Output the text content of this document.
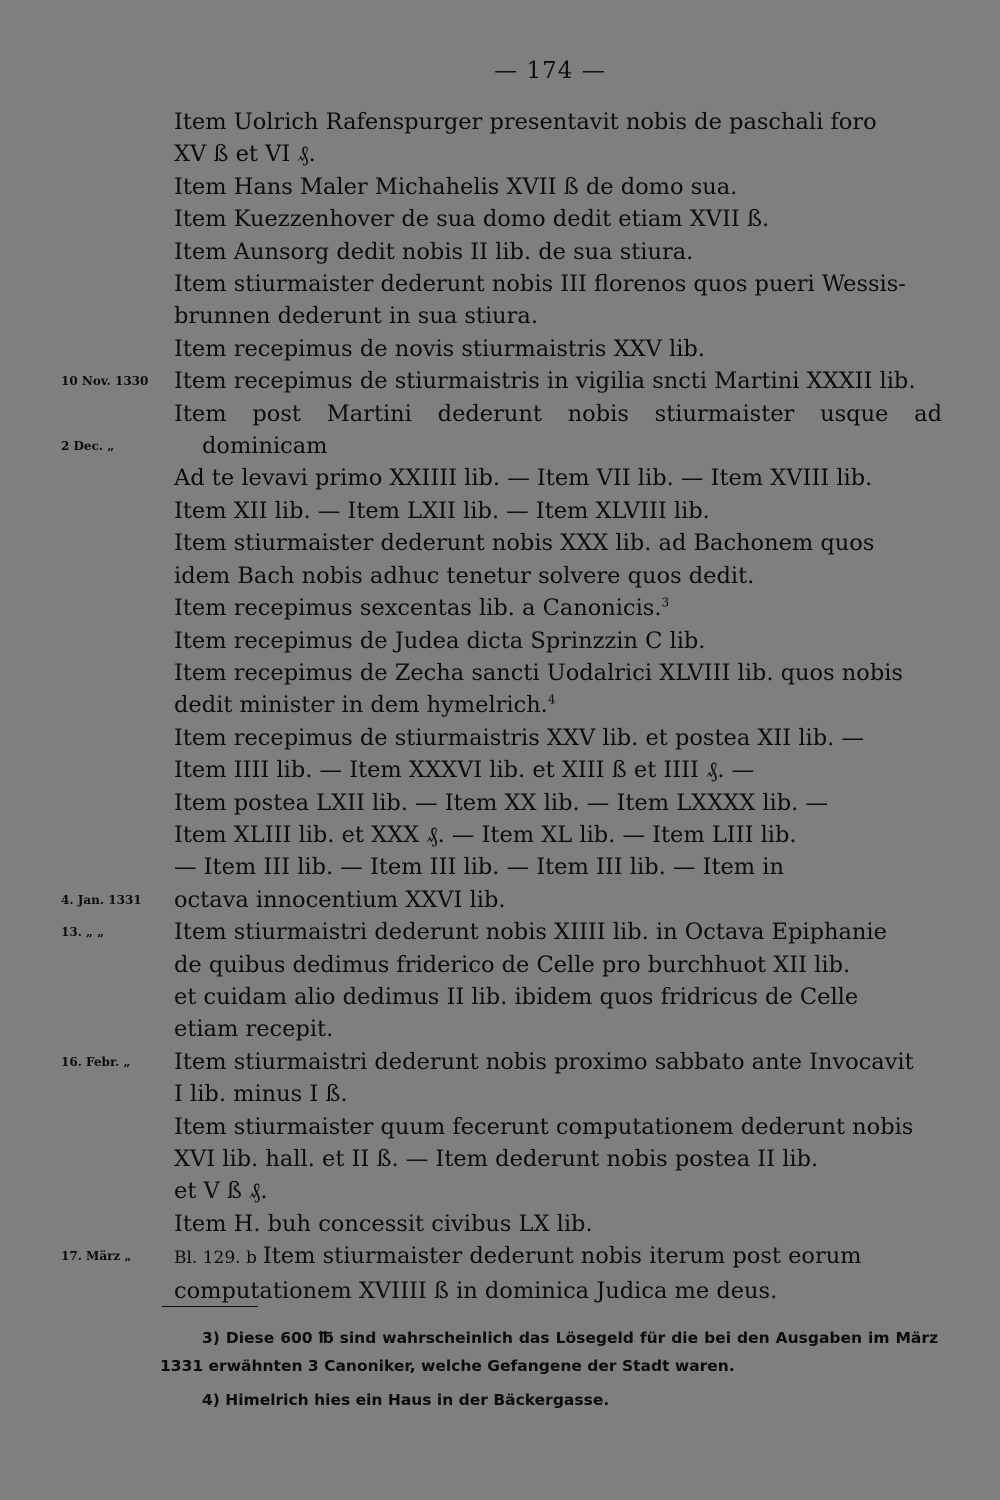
— 174 —
Item Uolrich Rafenspurger presentavit nobis de paschali foro
XV ß et VI ₰.
Item Hans Maler Michahelis XVII ß de domo sua.
Item Kuezzenhover de sua domo dedit etiam XVII ß.
Item Aunsorg dedit nobis II lib. de sua stiura.
Item stiurmaister dederunt nobis III florenos quos pueri Wessis-
brunnen dederunt in sua stiura.
Item recepimus de novis stiurmaistris XXV lib.
10 Nov. 1330	Item recepimus de stiurmaistris in vigilia sncti Martini XXXII lib.
2 Dec. „
Item post Martini dederunt nobis stiurmaister usque ad dominicam
Ad te levavi primo XXIIII lib. — Item VII lib. — Item XVIII lib.
Item XII lib. — Item LXII lib. — Item XLVIII lib.
Item stiurmaister dederunt nobis XXX lib. ad Bachonem quos
idem Bach nobis adhuc tenetur solvere quos dedit.
Item recepimus sexcentas lib. a Canonicis.$^3$
Item recepimus de Judea dicta Sprinzzin C lib.
Item recepimus de Zecha sancti Uodalrici XLVIII lib. quos nobis
dedit minister in dem hymelrich.$^4$
4. Jan. 1331
Item recepimus de stiurmaistris XXV lib. et postea XII lib. —
Item IIII lib. — Item XXXVI lib. et XIII ß et IIII ₰. —
Item postea LXII lib. — Item XX lib. — Item LXXXX lib. —
Item XLIII lib. et XXX ₰. — Item XL lib. — Item LIII lib.
— Item III lib. — Item III lib. — Item III lib. — Item in
octava innocentium XXVI lib.
13. „ „	Item stiurmaistri dederunt nobis XIIII lib. in Octava Epiphanie
de quibus dedimus friderico de Celle pro burchhuot XII lib.
et cuidam alio dedimus II lib. ibidem quos fridricus de Celle
etiam recepit.
16. Febr. „	Item stiurmaistri dederunt nobis proximo sabbato ante Invocavit
I lib. minus I ß.
Item stiurmaister quum fecerunt computationem dederunt nobis
XVI lib. hall. et II ß. — Item dederunt nobis postea II lib.
et V ß ₰.
Item H. buh concessit civibus LX lib.
17. März „	Bl. 129. b Item stiurmaister dederunt nobis iterum post eorum
computationem XVIIII ß in dominica Judica me deus.
3) Diese 600 ℔ sind wahrscheinlich das Lösegeld für die bei den Ausgaben im März 1331 erwähnten 3 Canoniker, welche Gefangene der Stadt waren.
4) Himelrich hies ein Haus in der Bäckergasse.
